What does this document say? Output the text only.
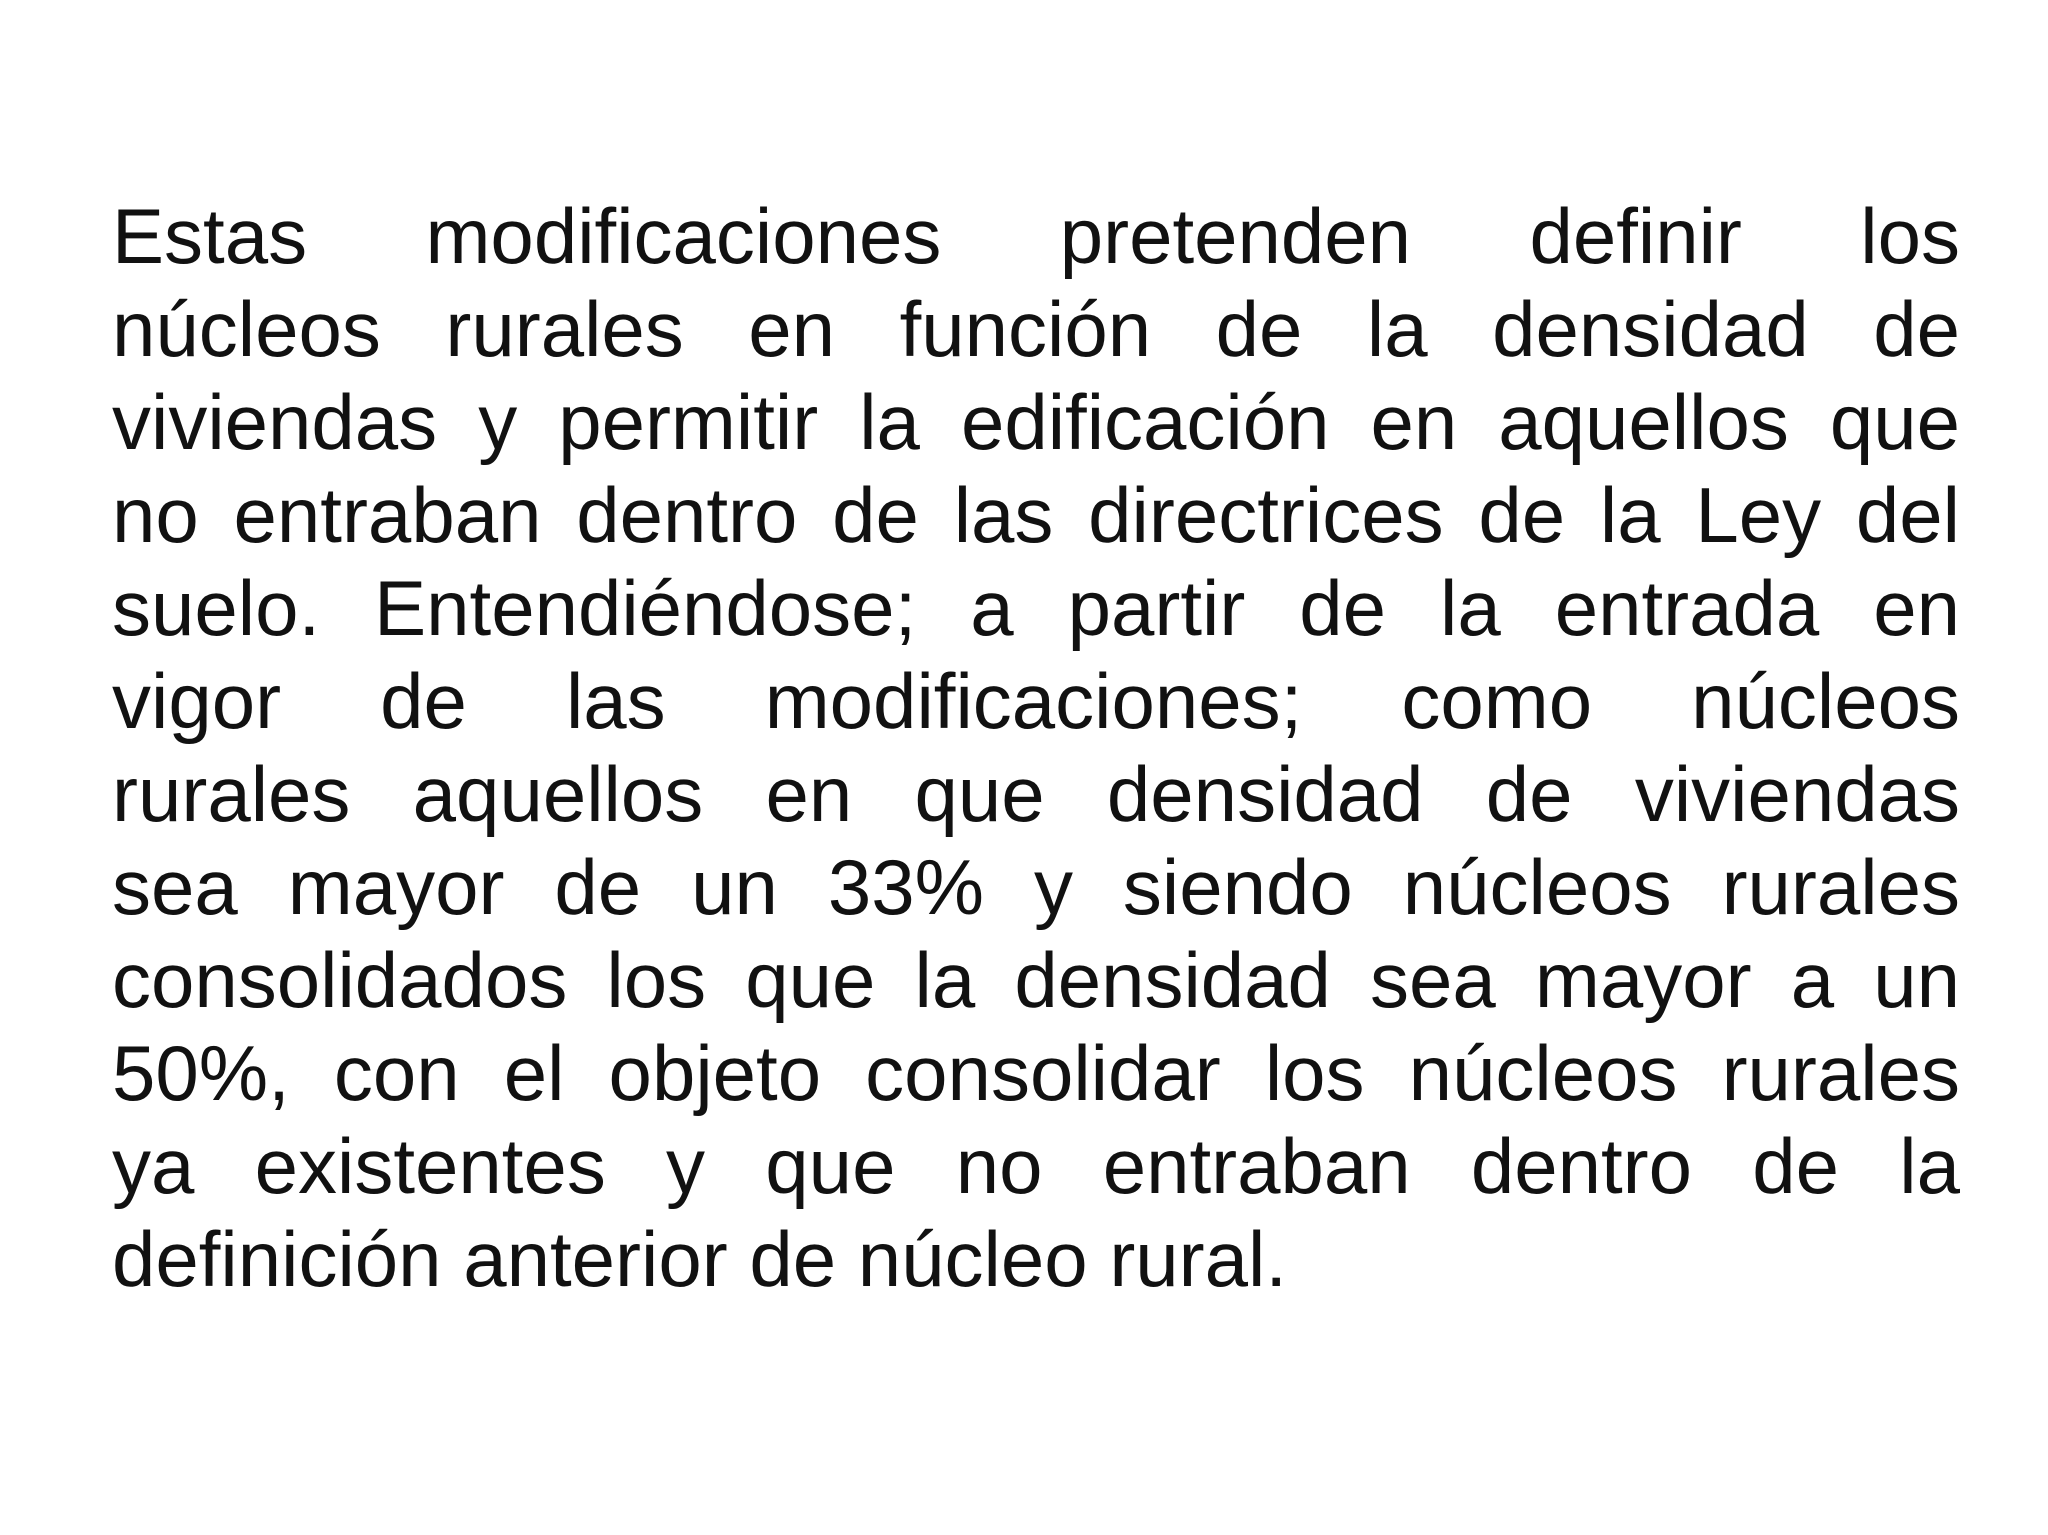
Estas modificaciones pretenden definir los
núcleos rurales en función de la densidad de
viviendas y permitir la edificación en aquellos que
no entraban dentro de las directrices de la Ley del
suelo. Entendiéndose; a partir de la entrada en
vigor de las modificaciones; como núcleos
rurales aquellos en que densidad de viviendas
sea mayor de un 33% y siendo núcleos rurales
consolidados los que la densidad sea mayor a un
50%, con el objeto consolidar los núcleos rurales
ya existentes y que no entraban dentro de la
definición anterior de núcleo rural.
